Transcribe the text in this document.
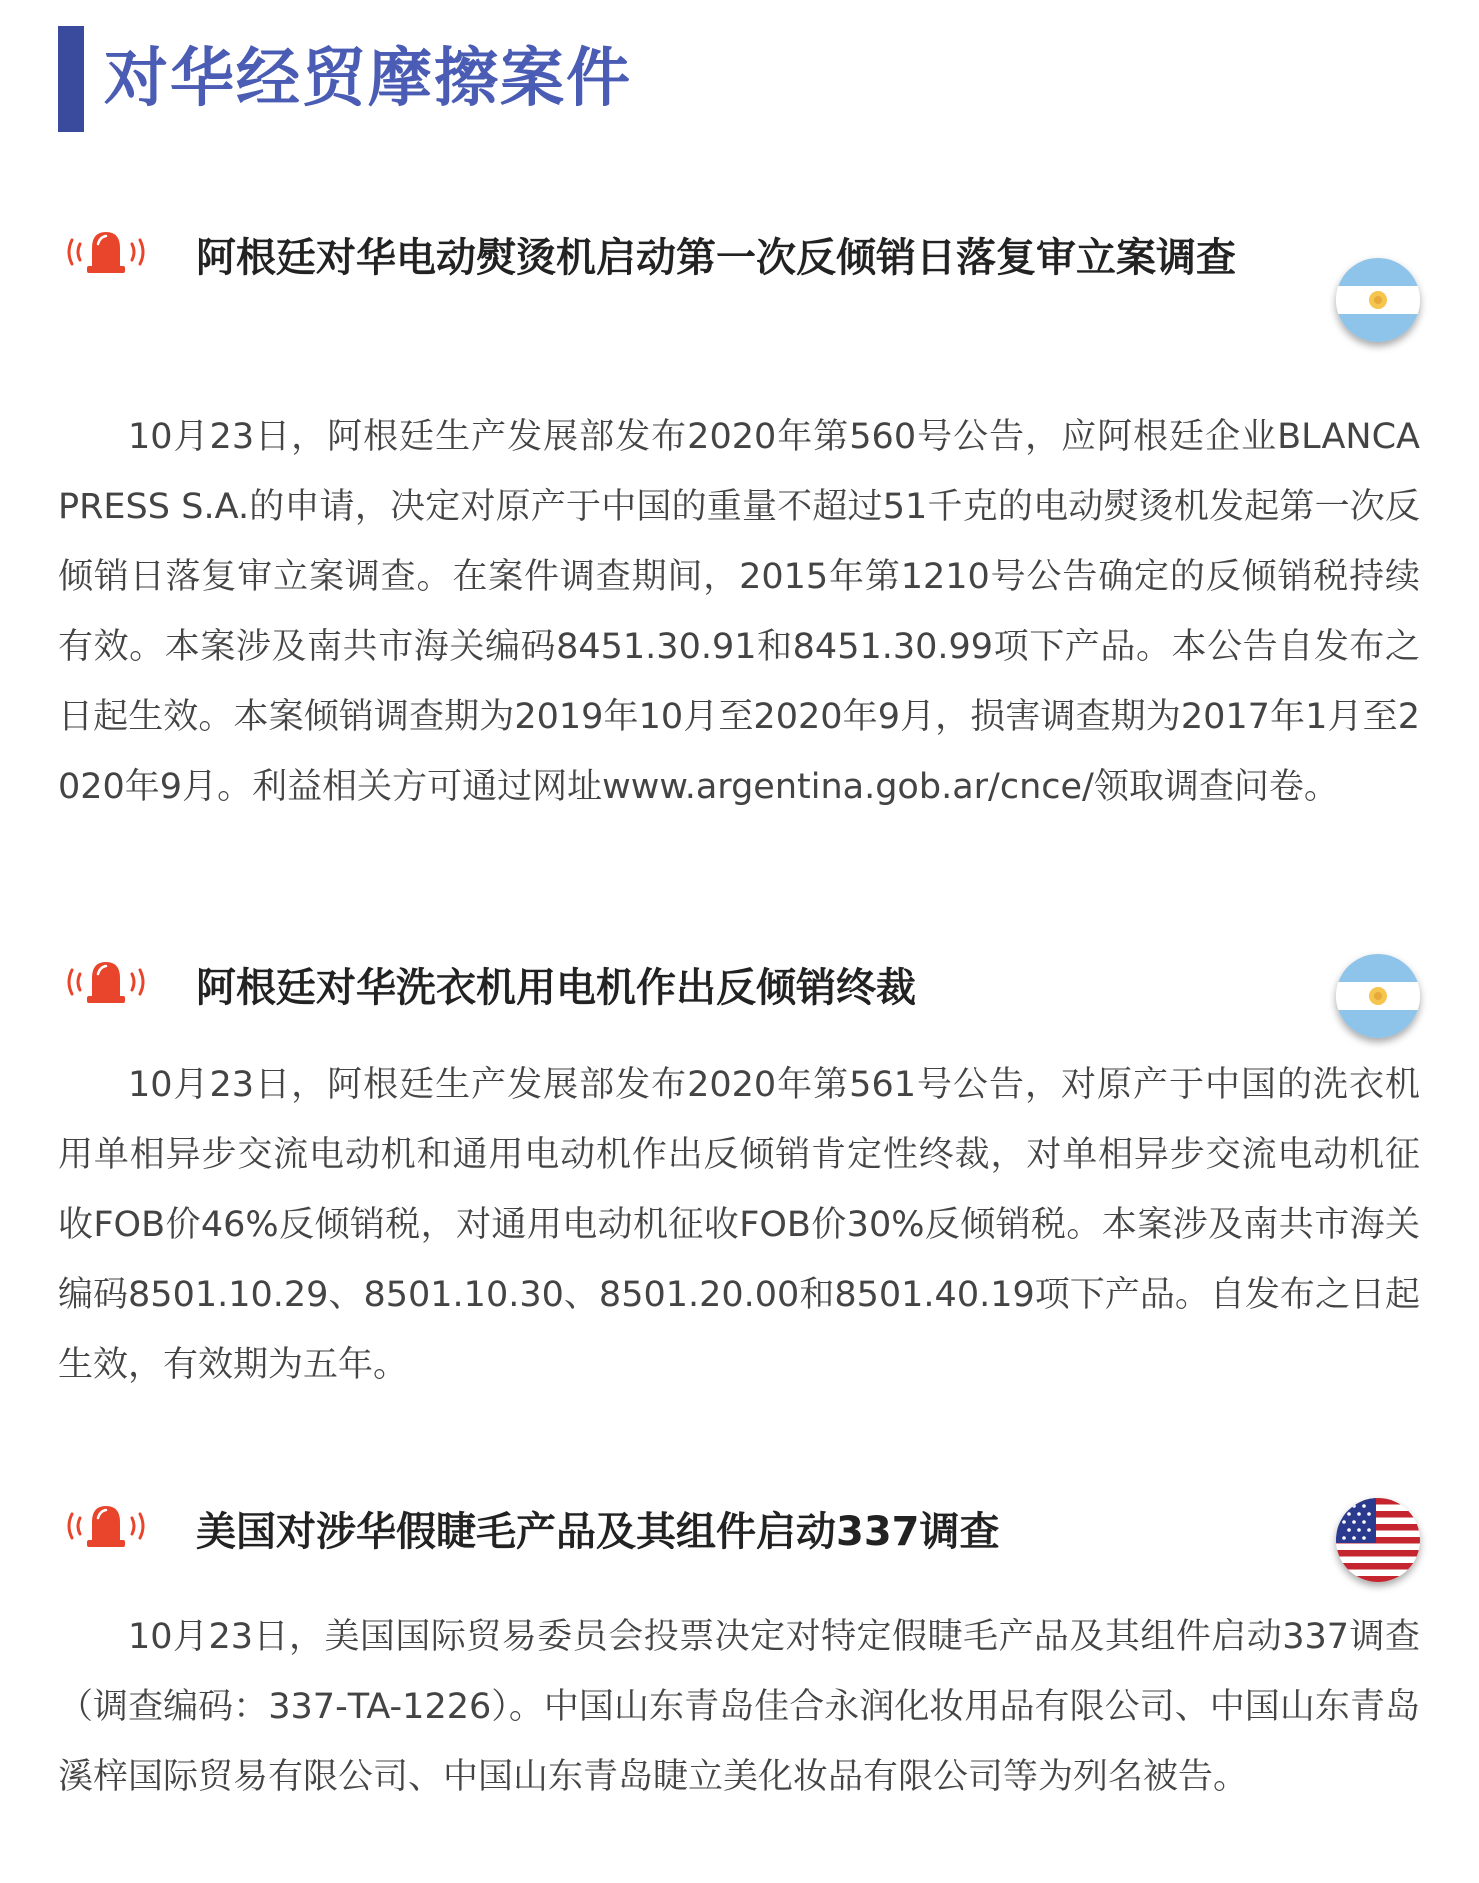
对华经贸摩擦案件
阿根廷对华电动熨烫机启动第一次反倾销日落复审立案调查

10月23日，阿根廷生产发展部发布2020年第560号公告，应阿根廷企业BLANCA PRESS S.A.的申请，决定对原产于中国的重量不超过51千克的电动熨烫机发起第一次反倾销日落复审立案调查。在案件调查期间，2015年第1210号公告确定的反倾销税持续有效。本案涉及南共市海关编码8451.30.91和8451.30.99项下产品。本公告自发布之日起生效。本案倾销调查期为2019年10月至2020年9月，损害调查期为2017年1月至2020年9月。利益相关方可通过网址www.argentina.gob.ar/cnce/领取调查问卷。

阿根廷对华洗衣机用电机作出反倾销终裁

10月23日，阿根廷生产发展部发布2020年第561号公告，对原产于中国的洗衣机用单相异步交流电动机和通用电动机作出反倾销肯定性终裁，对单相异步交流电动机征收FOB价46%反倾销税，对通用电动机征收FOB价30%反倾销税。本案涉及南共市海关编码8501.10.29、8501.10.30、8501.20.00和8501.40.19项下产品。自发布之日起生效，有效期为五年。

美国对涉华假睫毛产品及其组件启动337调查

10月23日，美国国际贸易委员会投票决定对特定假睫毛产品及其组件启动337调查（调查编码：337-TA-1226）。中国山东青岛佳合永润化妆用品有限公司、中国山东青岛溪梓国际贸易有限公司、中国山东青岛睫立美化妆品有限公司等为列名被告。
